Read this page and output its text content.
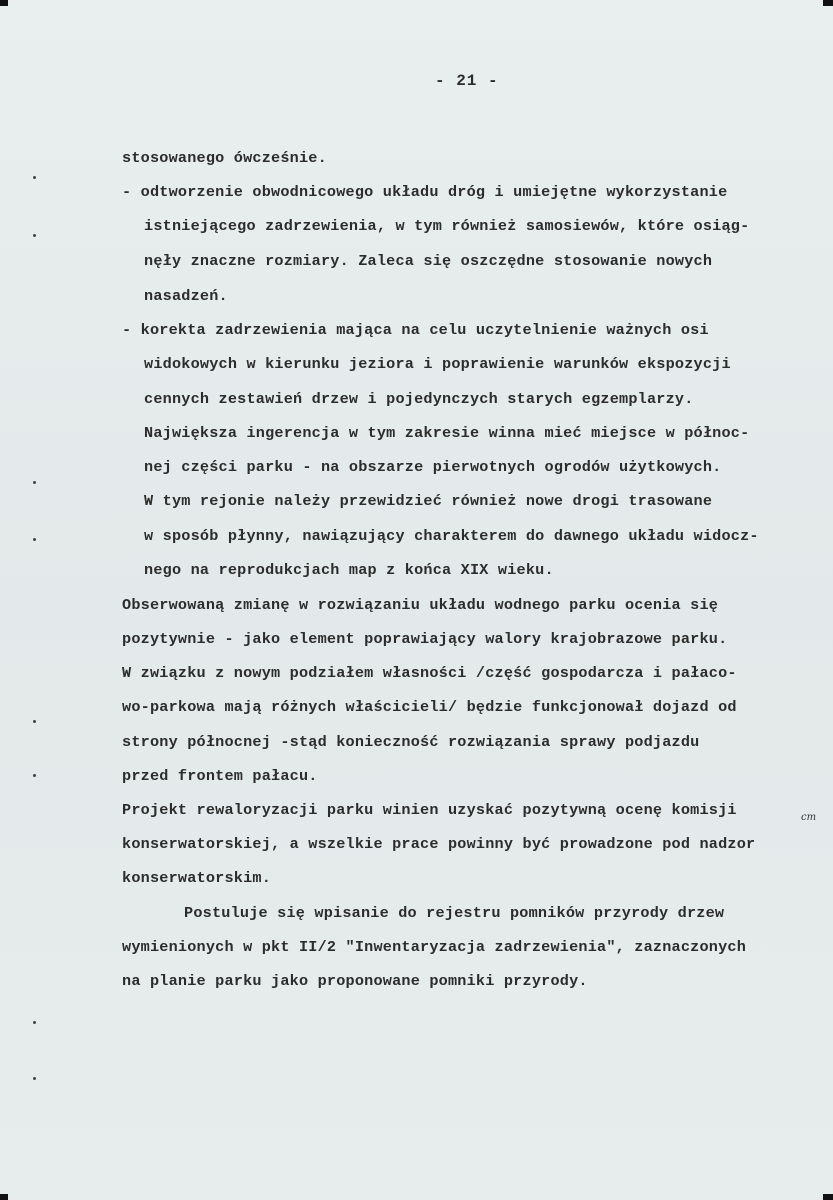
- 21 -
stosowanego ówcześnie.
- odtworzenie obwodnicowego układu dróg i umiejętne wykorzystanie
istniejącego zadrzewienia, w tym również samosiewów, które osiąg-
nęły znaczne rozmiary. Zaleca się oszczędne stosowanie nowych
nasadzeń.
- korekta zadrzewienia mająca na celu uczytelnienie ważnych osi
widokowych w kierunku jeziora i poprawienie warunków ekspozycji
cennych zestawień drzew i pojedynczych starych egzemplarzy.
Największa ingerencja w tym zakresie winna mieć miejsce w północ-
nej części parku - na obszarze pierwotnych ogrodów użytkowych.
W tym rejonie należy przewidzieć również nowe drogi trasowane
w sposób płynny, nawiązujący charakterem do dawnego układu widocz-
nego na reprodukcjach map z końca XIX wieku.
Obserwowaną zmianę w rozwiązaniu układu wodnego parku ocenia się
pozytywnie - jako element poprawiający walory krajobrazowe parku.
W związku z nowym podziałem własności /część gospodarcza i pałaco-
wo-parkowa mają różnych właścicieli/ będzie funkcjonował dojazd od
strony północnej -stąd konieczność rozwiązania sprawy podjazdu
przed frontem pałacu.
Projekt rewaloryzacji parku winien uzyskać pozytywną ocenę komisji
konserwatorskiej, a wszelkie prace powinny być prowadzone pod nadzor
konserwatorskim.
Postuluje się wpisanie do rejestru pomników przyrody drzew
wymienionych w pkt II/2 "Inwentaryzacja zadrzewienia", zaznaczonych
na planie parku jako proponowane pomniki przyrody.
cm
